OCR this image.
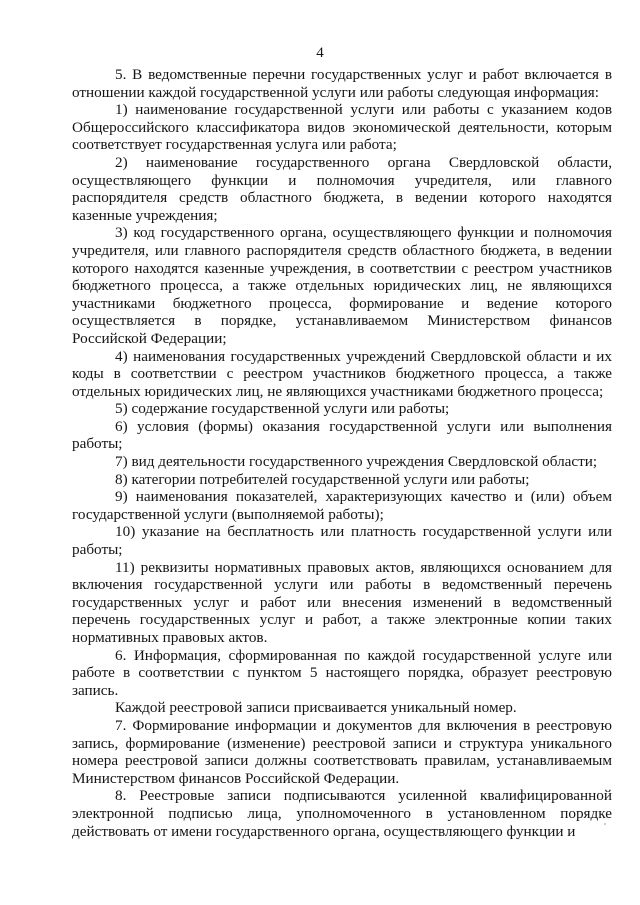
4

5. В ведомственные перечни государственных услуг и работ включается в отношении каждой государственной услуги или работы следующая информация:

1) наименование государственной услуги или работы с указанием кодов Общероссийского классификатора видов экономической деятельности, которым соответствует государственная услуга или работа;

2) наименование государственного органа Свердловской области, осуществляющего функции и полномочия учредителя, или главного распорядителя средств областного бюджета, в ведении которого находятся казенные учреждения;

3) код государственного органа, осуществляющего функции и полномочия учредителя, или главного распорядителя средств областного бюджета, в ведении которого находятся казенные учреждения, в соответствии с реестром участников бюджетного процесса, а также отдельных юридических лиц, не являющихся участниками бюджетного процесса, формирование и ведение которого осуществляется в порядке, устанавливаемом Министерством финансов Российской Федерации;

4) наименования государственных учреждений Свердловской области и их коды в соответствии с реестром участников бюджетного процесса, а также отдельных юридических лиц, не являющихся участниками бюджетного процесса;

5) содержание государственной услуги или работы;

6) условия (формы) оказания государственной услуги или выполнения работы;

7) вид деятельности государственного учреждения Свердловской области;

8) категории потребителей государственной услуги или работы;

9) наименования показателей, характеризующих качество и (или) объем государственной услуги (выполняемой работы);

10) указание на бесплатность или платность государственной услуги или работы;

11) реквизиты нормативных правовых актов, являющихся основанием для включения государственной услуги или работы в ведомственный перечень государственных услуг и работ или внесения изменений в ведомственный перечень государственных услуг и работ, а также электронные копии таких нормативных правовых актов.

6. Информация, сформированная по каждой государственной услуге или работе в соответствии с пунктом 5 настоящего порядка, образует реестровую запись.

Каждой реестровой записи присваивается уникальный номер.

7. Формирование информации и документов для включения в реестровую запись, формирование (изменение) реестровой записи и структура уникального номера реестровой записи должны соответствовать правилам, устанавливаемым Министерством финансов Российской Федерации.

8. Реестровые записи подписываются усиленной квалифицированной электронной подписью лица, уполномоченного в установленном порядке действовать от имени государственного органа, осуществляющего функции и
